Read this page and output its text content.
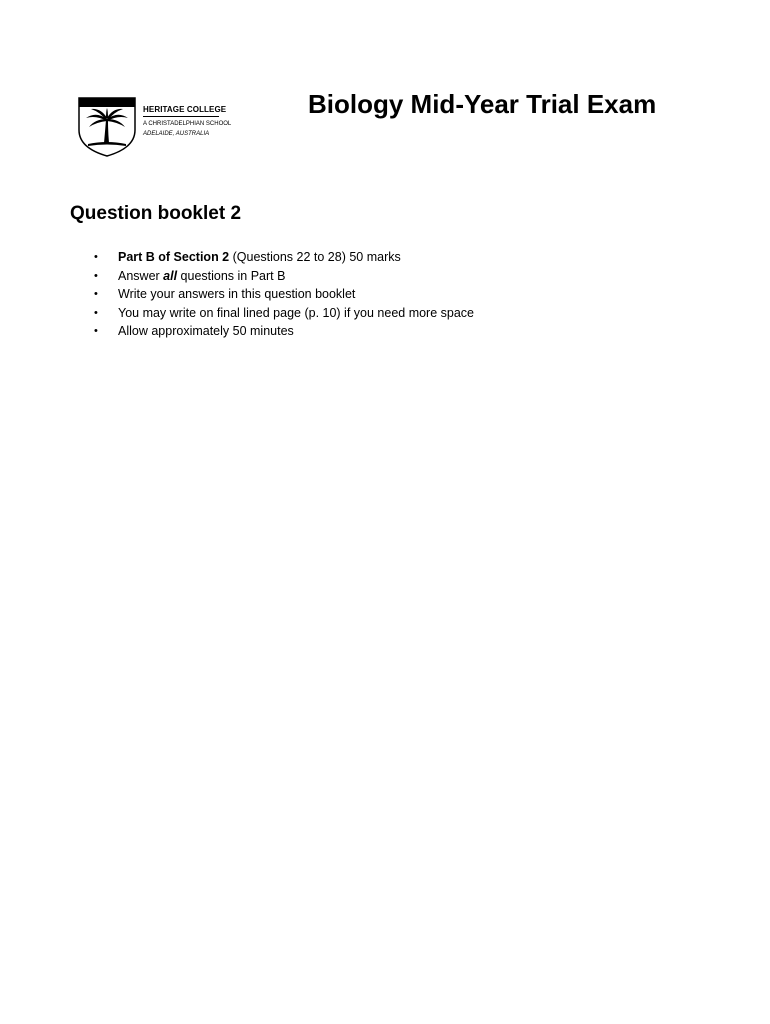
HERITAGE COLLEGE
A CHRISTADELPHIAN SCHOOL
ADELAIDE, AUSTRALIA
Biology Mid-Year Trial Exam
Question booklet 2
• Part B of Section 2 (Questions 22 to 28) 50 marks
• Answer all questions in Part B
• Write your answers in this question booklet
• You may write on final lined page (p. 10) if you need more space
• Allow approximately 50 minutes
